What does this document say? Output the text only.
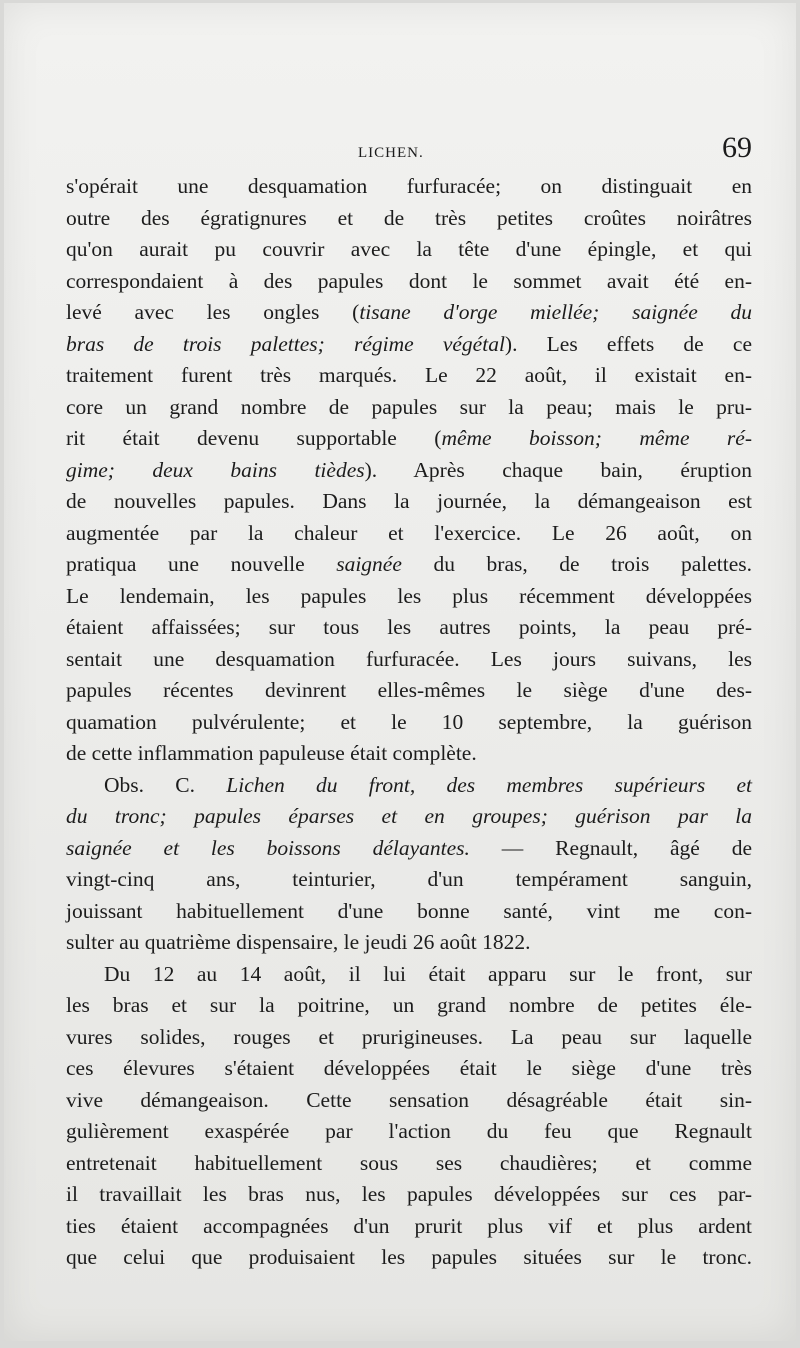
LICHEN.	69
s'opérait une desquamation furfuracée; on distinguait en
outre des égratignures et de très petites croûtes noirâtres
qu'on aurait pu couvrir avec la tête d'une épingle, et qui
correspondaient à des papules dont le sommet avait été en-
levé avec les ongles (tisane d'orge miellée; saignée du
bras de trois palettes; régime végétal). Les effets de ce
traitement furent très marqués. Le 22 août, il existait en-
core un grand nombre de papules sur la peau; mais le pru-
rit était devenu supportable (même boisson; même ré-
gime; deux bains tièdes). Après chaque bain, éruption
de nouvelles papules. Dans la journée, la démangeaison est
augmentée par la chaleur et l'exercice. Le 26 août, on
pratiqua une nouvelle saignée du bras, de trois palettes.
Le lendemain, les papules les plus récemment développées
étaient affaissées; sur tous les autres points, la peau pré-
sentait une desquamation furfuracée. Les jours suivans, les
papules récentes devinrent elles-mêmes le siège d'une des-
quamation pulvérulente; et le 10 septembre, la guérison
de cette inflammation papuleuse était complète.
Obs. C. Lichen du front, des membres supérieurs et
du tronc; papules éparses et en groupes; guérison par la
saignée et les boissons délayantes. — Regnault, âgé de
vingt-cinq ans, teinturier, d'un tempérament sanguin,
jouissant habituellement d'une bonne santé, vint me con-
sulter au quatrième dispensaire, le jeudi 26 août 1822.
Du 12 au 14 août, il lui était apparu sur le front, sur
les bras et sur la poitrine, un grand nombre de petites éle-
vures solides, rouges et prurigineuses. La peau sur laquelle
ces élevures s'étaient développées était le siège d'une très
vive démangeaison. Cette sensation désagréable était sin-
gulièrement exaspérée par l'action du feu que Regnault
entretenait habituellement sous ses chaudières; et comme
il travaillait les bras nus, les papules développées sur ces par-
ties étaient accompagnées d'un prurit plus vif et plus ardent
que celui que produisaient les papules situées sur le tronc.
